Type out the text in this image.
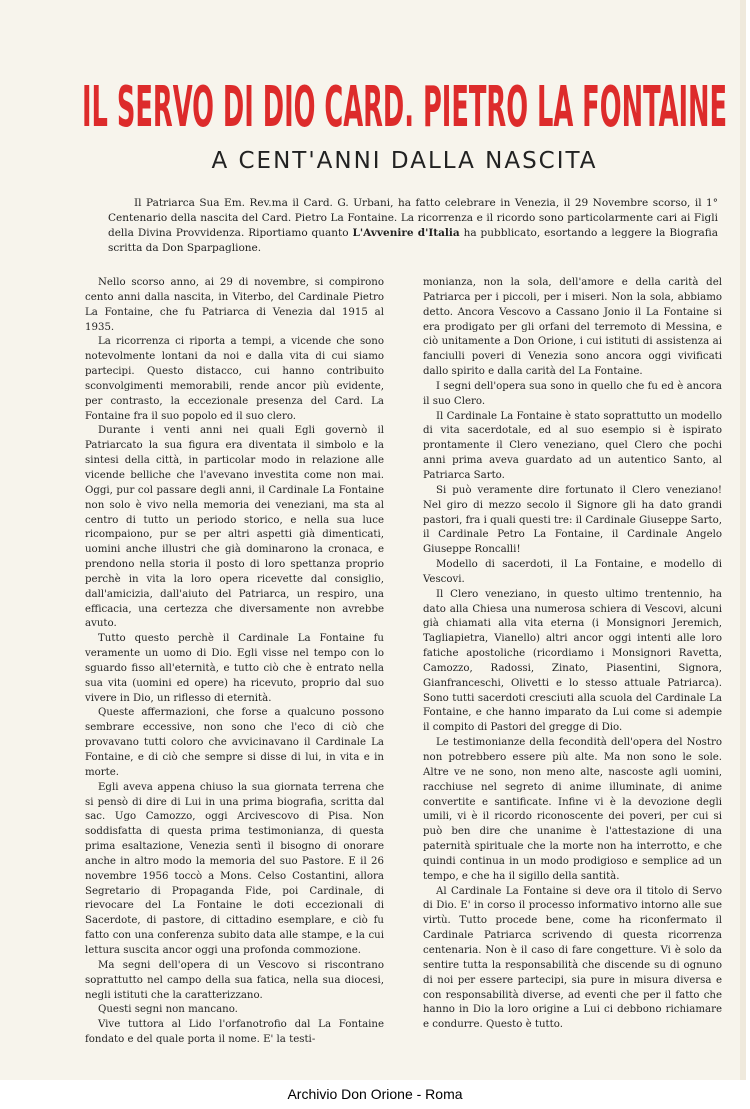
IL SERVO DI DIO CARD. PIETRO LA FONTAINE
A CENT'ANNI DALLA NASCITA

Il Patriarca Sua Em. Rev.ma il Card. G. Urbani, ha fatto celebrare in Venezia, il 29 Novembre scorso, il 1° Centenario della nascita del Card. Pietro La Fontaine. La ricorrenza e il ricordo sono particolarmente cari ai Figli della Divina Provvidenza. Riportiamo quanto L'Avvenire d'Italia ha pubblicato, esortando a leggere la Biografia scritta da Don Sparpaglione.

Nello scorso anno, ai 29 di novembre, si compirono cento anni dalla nascita, in Viterbo, del Cardinale Pietro La Fontaine, che fu Patriarca di Venezia dal 1915 al 1935.

La ricorrenza ci riporta a tempi, a vicende che sono notevolmente lontani da noi e dalla vita di cui siamo partecipi. Questo distacco, cui hanno contribuito sconvolgimenti memorabili, rende ancor più evidente, per contrasto, la eccezionale presenza del Card. La Fontaine fra il suo popolo ed il suo clero.

Durante i venti anni nei quali Egli governò il Patriarcato la sua figura era diventata il simbolo e la sintesi della città, in particolar modo in relazione alle vicende belliche che l'avevano investita come non mai. Oggi, pur col passare degli anni, il Cardinale La Fontaine non solo è vivo nella memoria dei veneziani, ma sta al centro di tutto un periodo storico, e nella sua luce ricompaiono, pur se per altri aspetti già dimenticati, uomini anche illustri che già dominarono la cronaca, e prendono nella storia il posto di loro spettanza proprio perchè in vita la loro opera ricevette dal consiglio, dall'amicizia, dall'aiuto del Patriarca, un respiro, una efficacia, una certezza che diversamente non avrebbe avuto.

Tutto questo perchè il Cardinale La Fontaine fu veramente un uomo di Dio. Egli visse nel tempo con lo sguardo fisso all'eternità, e tutto ciò che è entrato nella sua vita (uomini ed opere) ha ricevuto, proprio dal suo vivere in Dio, un riflesso di eternità.

Queste affermazioni, che forse a qualcuno possono sembrare eccessive, non sono che l'eco di ciò che provavano tutti coloro che avvicinavano il Cardinale La Fontaine, e di ciò che sempre si disse di lui, in vita e in morte.

Egli aveva appena chiuso la sua giornata terrena che si pensò di dire di Lui in una prima biografia, scritta dal sac. Ugo Camozzo, oggi Arcivescovo di Pisa. Non soddisfatta di questa prima testimonianza, di questa prima esaltazione, Venezia sentì il bisogno di onorare anche in altro modo la memoria del suo Pastore. E il 26 novembre 1956 toccò a Mons. Celso Costantini, allora Segretario di Propaganda Fide, poi Cardinale, di rievocare del La Fontaine le doti eccezionali di Sacerdote, di pastore, di cittadino esemplare, e ciò fu fatto con una conferenza subito data alle stampe, e la cui lettura suscita ancor oggi una profonda commozione.

Ma segni dell'opera di un Vescovo si riscontrano soprattutto nel campo della sua fatica, nella sua diocesi, negli istituti che la caratterizzano.

Questi segni non mancano.

Vive tuttora al Lido l'orfanotrofio dal La Fontaine fondato e del quale porta il nome. E' la testi-

monianza, non la sola, dell'amore e della carità del Patriarca per i piccoli, per i miseri. Non la sola, abbiamo detto. Ancora Vescovo a Cassano Jonio il La Fontaine si era prodigato per gli orfani del terremoto di Messina, e ciò unitamente a Don Orione, i cui istituti di assistenza ai fanciulli poveri di Venezia sono ancora oggi vivificati dallo spirito e dalla carità del La Fontaine.

I segni dell'opera sua sono in quello che fu ed è ancora il suo Clero.

Il Cardinale La Fontaine è stato soprattutto un modello di vita sacerdotale, ed al suo esempio si è ispirato prontamente il Clero veneziano, quel Clero che pochi anni prima aveva guardato ad un autentico Santo, al Patriarca Sarto.

Si può veramente dire fortunato il Clero veneziano! Nel giro di mezzo secolo il Signore gli ha dato grandi pastori, fra i quali questi tre: il Cardinale Giuseppe Sarto, il Cardinale Petro La Fontaine, il Cardinale Angelo Giuseppe Roncalli!

Modello di sacerdoti, il La Fontaine, e modello di Vescovi.

Il Clero veneziano, in questo ultimo trentennio, ha dato alla Chiesa una numerosa schiera di Vescovi, alcuni già chiamati alla vita eterna (i Monsignori Jeremich, Tagliapietra, Vianello) altri ancor oggi intenti alle loro fatiche apostoliche (ricordiamo i Monsignori Ravetta, Camozzo, Radossi, Zinato, Piasentini, Signora, Gianfranceschi, Olivetti e lo stesso attuale Patriarca). Sono tutti sacerdoti cresciuti alla scuola del Cardinale La Fontaine, e che hanno imparato da Lui come si adempie il compito di Pastori del gregge di Dio.

Le testimonianze della fecondità dell'opera del Nostro non potrebbero essere più alte. Ma non sono le sole. Altre ve ne sono, non meno alte, nascoste agli uomini, racchiuse nel segreto di anime illuminate, di anime convertite e santificate. Infine vi è la devozione degli umili, vi è il ricordo riconoscente dei poveri, per cui si può ben dire che unanime è l'attestazione di una paternità spirituale che la morte non ha interrotto, e che quindi continua in un modo prodigioso e semplice ad un tempo, e che ha il sigillo della santità.

Al Cardinale La Fontaine si deve ora il titolo di Servo di Dio. E' in corso il processo informativo intorno alle sue virtù. Tutto procede bene, come ha riconfermato il Cardinale Patriarca scrivendo di questa ricorrenza centenaria. Non è il caso di fare congetture. Vi è solo da sentire tutta la responsabilità che discende su di ognuno di noi per essere partecipi, sia pure in misura diversa e con responsabilità diverse, ad eventi che per il fatto che hanno in Dio la loro origine a Lui ci debbono richiamare e condurre. Questo è tutto.

Archivio Don Orione - Roma
